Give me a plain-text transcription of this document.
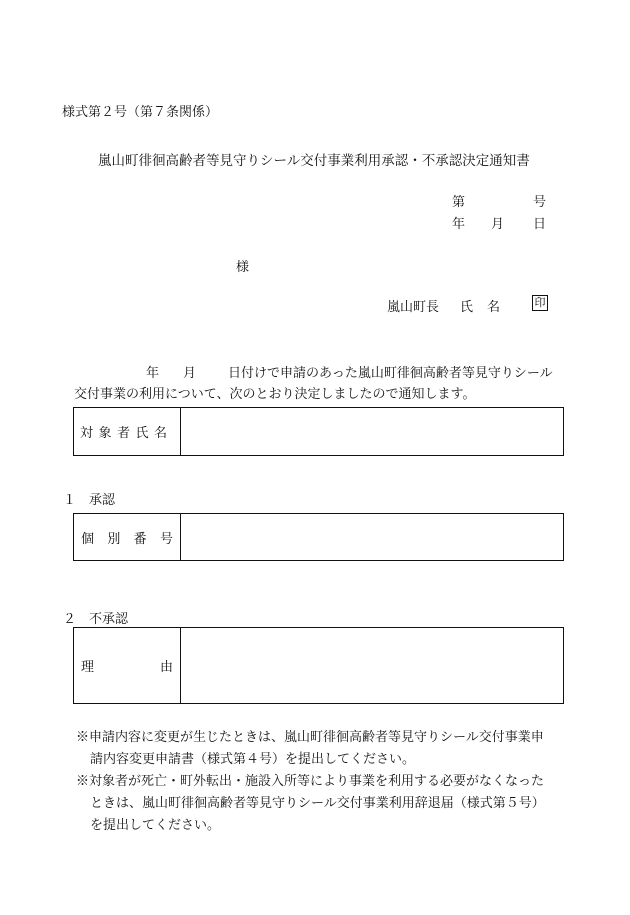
様式第２号（第７条関係）
嵐山町徘徊高齢者等見守りシール交付事業利用承認・不承認決定通知書
第	号
年 月 日
様
嵐山町長 氏 名	印
年 月 日付けで申請のあった嵐山町徘徊高齢者等見守りシール
交付事業の利用について、次のとおり決定しましたので通知します。
対象者氏名
１　承認
個 別 番 号
２　不承認
理	由
※申請内容に変更が生じたときは、嵐山町徘徊高齢者等見守りシール交付事業申
請内容変更申請書（様式第４号）を提出してください。
※対象者が死亡・町外転出・施設入所等により事業を利用する必要がなくなった
ときは、嵐山町徘徊高齢者等見守りシール交付事業利用辞退届（様式第５号）
を提出してください。
